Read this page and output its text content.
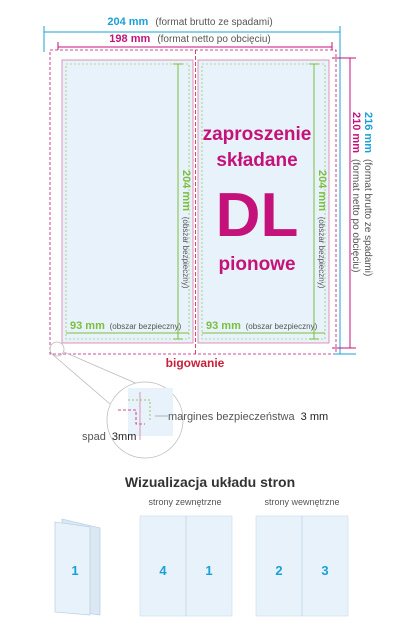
204 mm (format brutto ze spadami)
198 mm (format netto po obcięciu)
204 mm (obszar bezpieczny)
204 mm (obszar bezpieczny)
93 mm (obszar bezpieczny) 93 mm (obszar bezpieczny)
zaproszenie
składane
DL
pionowe
216 mm (format brutto ze spadami)
210 mm (format netto po obcięciu)
bigowanie
margines bezpieczeństwa 3 mm
spad 3mm
Wizualizacja układu stron
strony zewnętrzne	strony wewnętrzne
1	4	1	2	3
